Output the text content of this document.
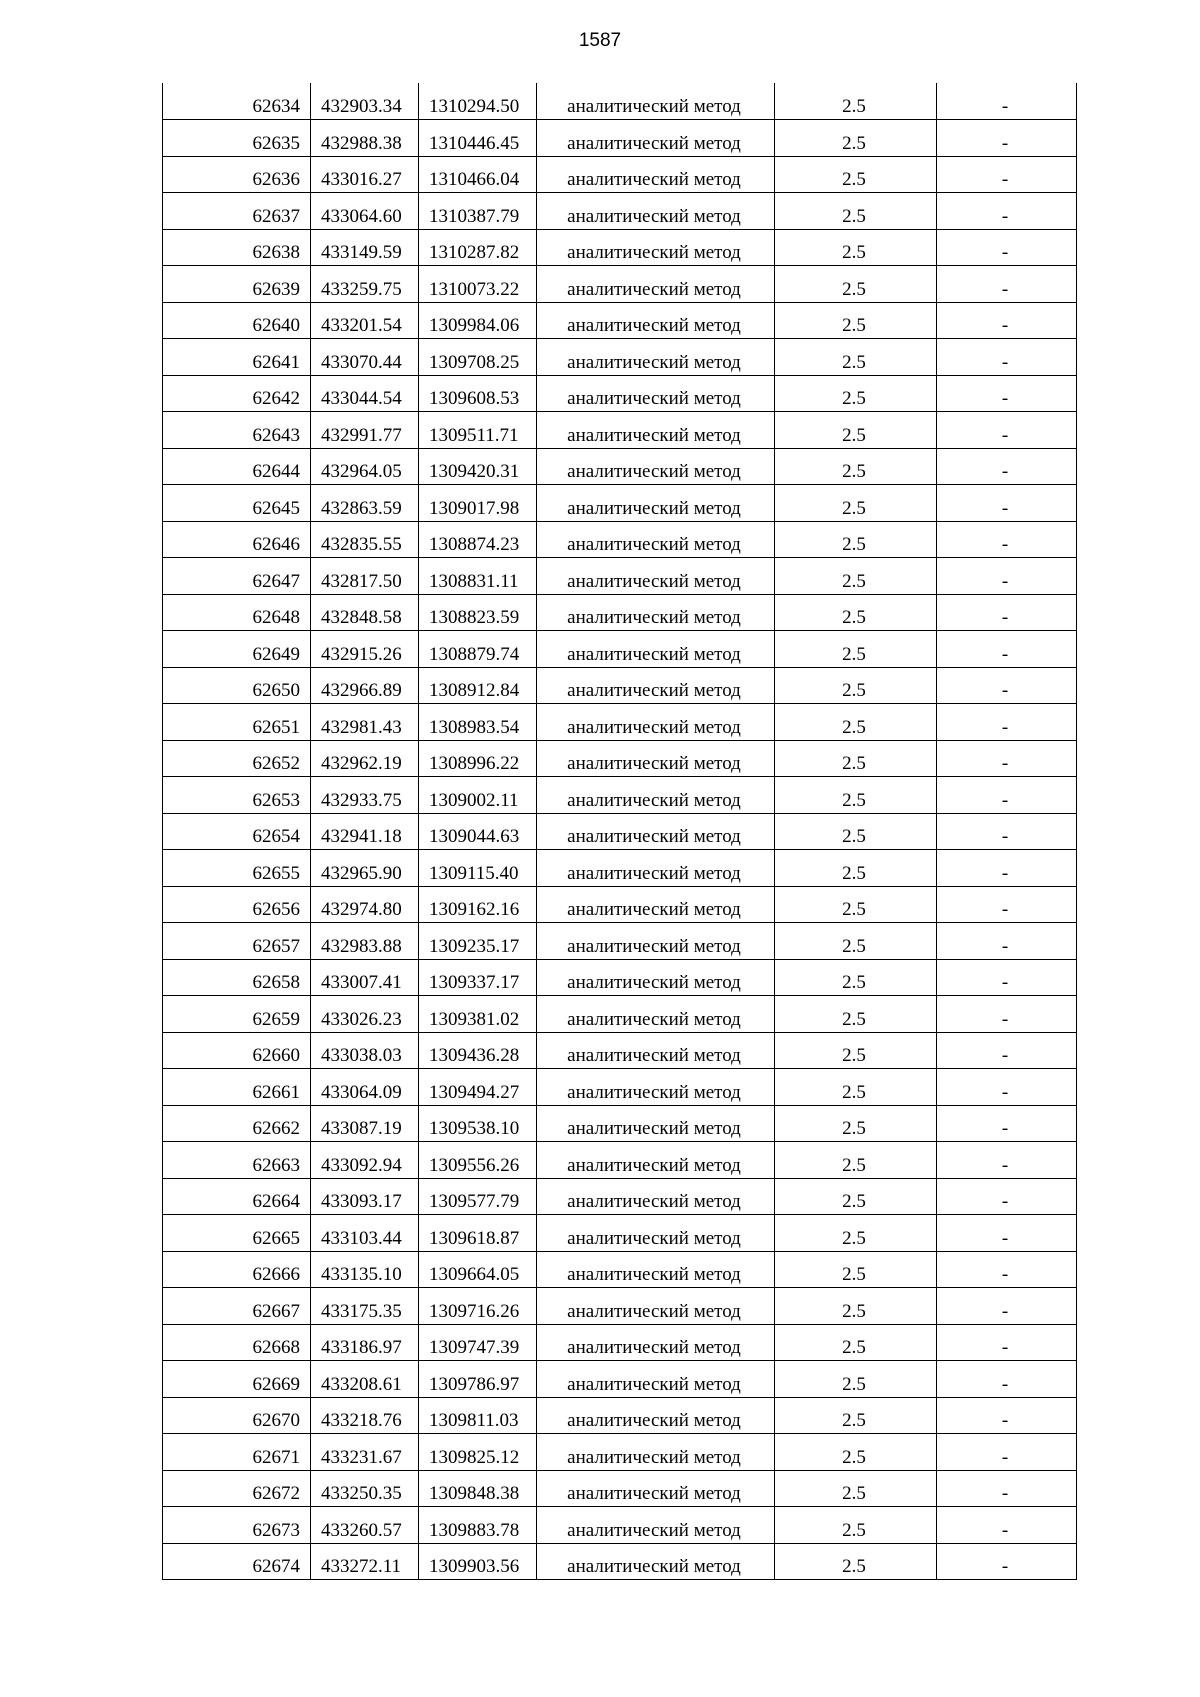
1587
62634	432903.34	1310294.50	аналитический метод	2.5	-
62635	432988.38	1310446.45	аналитический метод	2.5	-
62636	433016.27	1310466.04	аналитический метод	2.5	-
62637	433064.60	1310387.79	аналитический метод	2.5	-
62638	433149.59	1310287.82	аналитический метод	2.5	-
62639	433259.75	1310073.22	аналитический метод	2.5	-
62640	433201.54	1309984.06	аналитический метод	2.5	-
62641	433070.44	1309708.25	аналитический метод	2.5	-
62642	433044.54	1309608.53	аналитический метод	2.5	-
62643	432991.77	1309511.71	аналитический метод	2.5	-
62644	432964.05	1309420.31	аналитический метод	2.5	-
62645	432863.59	1309017.98	аналитический метод	2.5	-
62646	432835.55	1308874.23	аналитический метод	2.5	-
62647	432817.50	1308831.11	аналитический метод	2.5	-
62648	432848.58	1308823.59	аналитический метод	2.5	-
62649	432915.26	1308879.74	аналитический метод	2.5	-
62650	432966.89	1308912.84	аналитический метод	2.5	-
62651	432981.43	1308983.54	аналитический метод	2.5	-
62652	432962.19	1308996.22	аналитический метод	2.5	-
62653	432933.75	1309002.11	аналитический метод	2.5	-
62654	432941.18	1309044.63	аналитический метод	2.5	-
62655	432965.90	1309115.40	аналитический метод	2.5	-
62656	432974.80	1309162.16	аналитический метод	2.5	-
62657	432983.88	1309235.17	аналитический метод	2.5	-
62658	433007.41	1309337.17	аналитический метод	2.5	-
62659	433026.23	1309381.02	аналитический метод	2.5	-
62660	433038.03	1309436.28	аналитический метод	2.5	-
62661	433064.09	1309494.27	аналитический метод	2.5	-
62662	433087.19	1309538.10	аналитический метод	2.5	-
62663	433092.94	1309556.26	аналитический метод	2.5	-
62664	433093.17	1309577.79	аналитический метод	2.5	-
62665	433103.44	1309618.87	аналитический метод	2.5	-
62666	433135.10	1309664.05	аналитический метод	2.5	-
62667	433175.35	1309716.26	аналитический метод	2.5	-
62668	433186.97	1309747.39	аналитический метод	2.5	-
62669	433208.61	1309786.97	аналитический метод	2.5	-
62670	433218.76	1309811.03	аналитический метод	2.5	-
62671	433231.67	1309825.12	аналитический метод	2.5	-
62672	433250.35	1309848.38	аналитический метод	2.5	-
62673	433260.57	1309883.78	аналитический метод	2.5	-
62674	433272.11	1309903.56	аналитический метод	2.5	-
